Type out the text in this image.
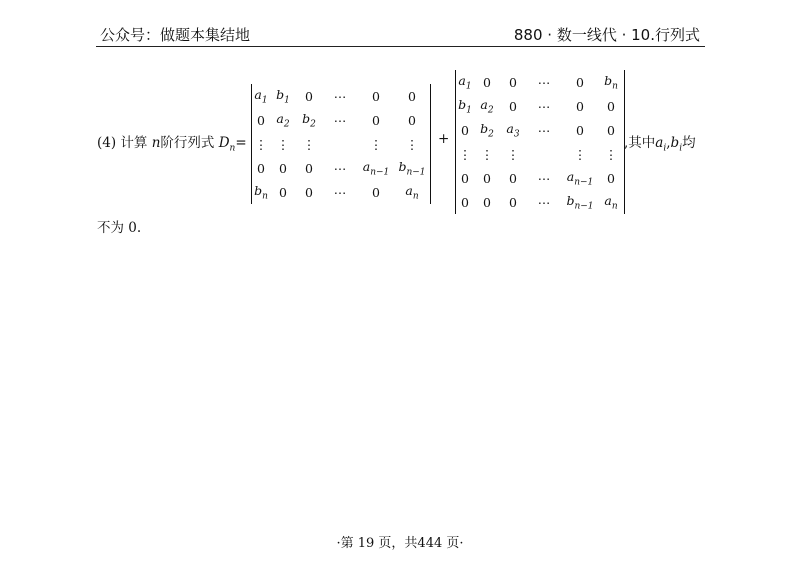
公众号：做题本集结地	880 · 数一线代 · 10.行列式
(4) 计算 n阶行列式 $D_n=$
$a_1$	$b_1$	0	⋯	0	0
0	$a_2$	$b_2$	⋯	0	0
⋮	⋮	⋮		⋮	⋮
0	0	0	⋯	$a_{n-1}$	$b_{n-1}$
$b_n$	0	0	⋯	0	$a_n$
+
$a_1$	0	0	⋯	0	$b_n$
$b_1$	$a_2$	0	⋯	0	0
0	$b_2$	$a_3$	⋯	0	0
⋮	⋮	⋮		⋮	⋮
0	0	0	⋯	$a_{n-1}$	0
0	0	0	⋯	$b_{n-1}$	$a_n$
,其中$a_i,b_i$均
不为 0.
·第 19 页，共444 页·
